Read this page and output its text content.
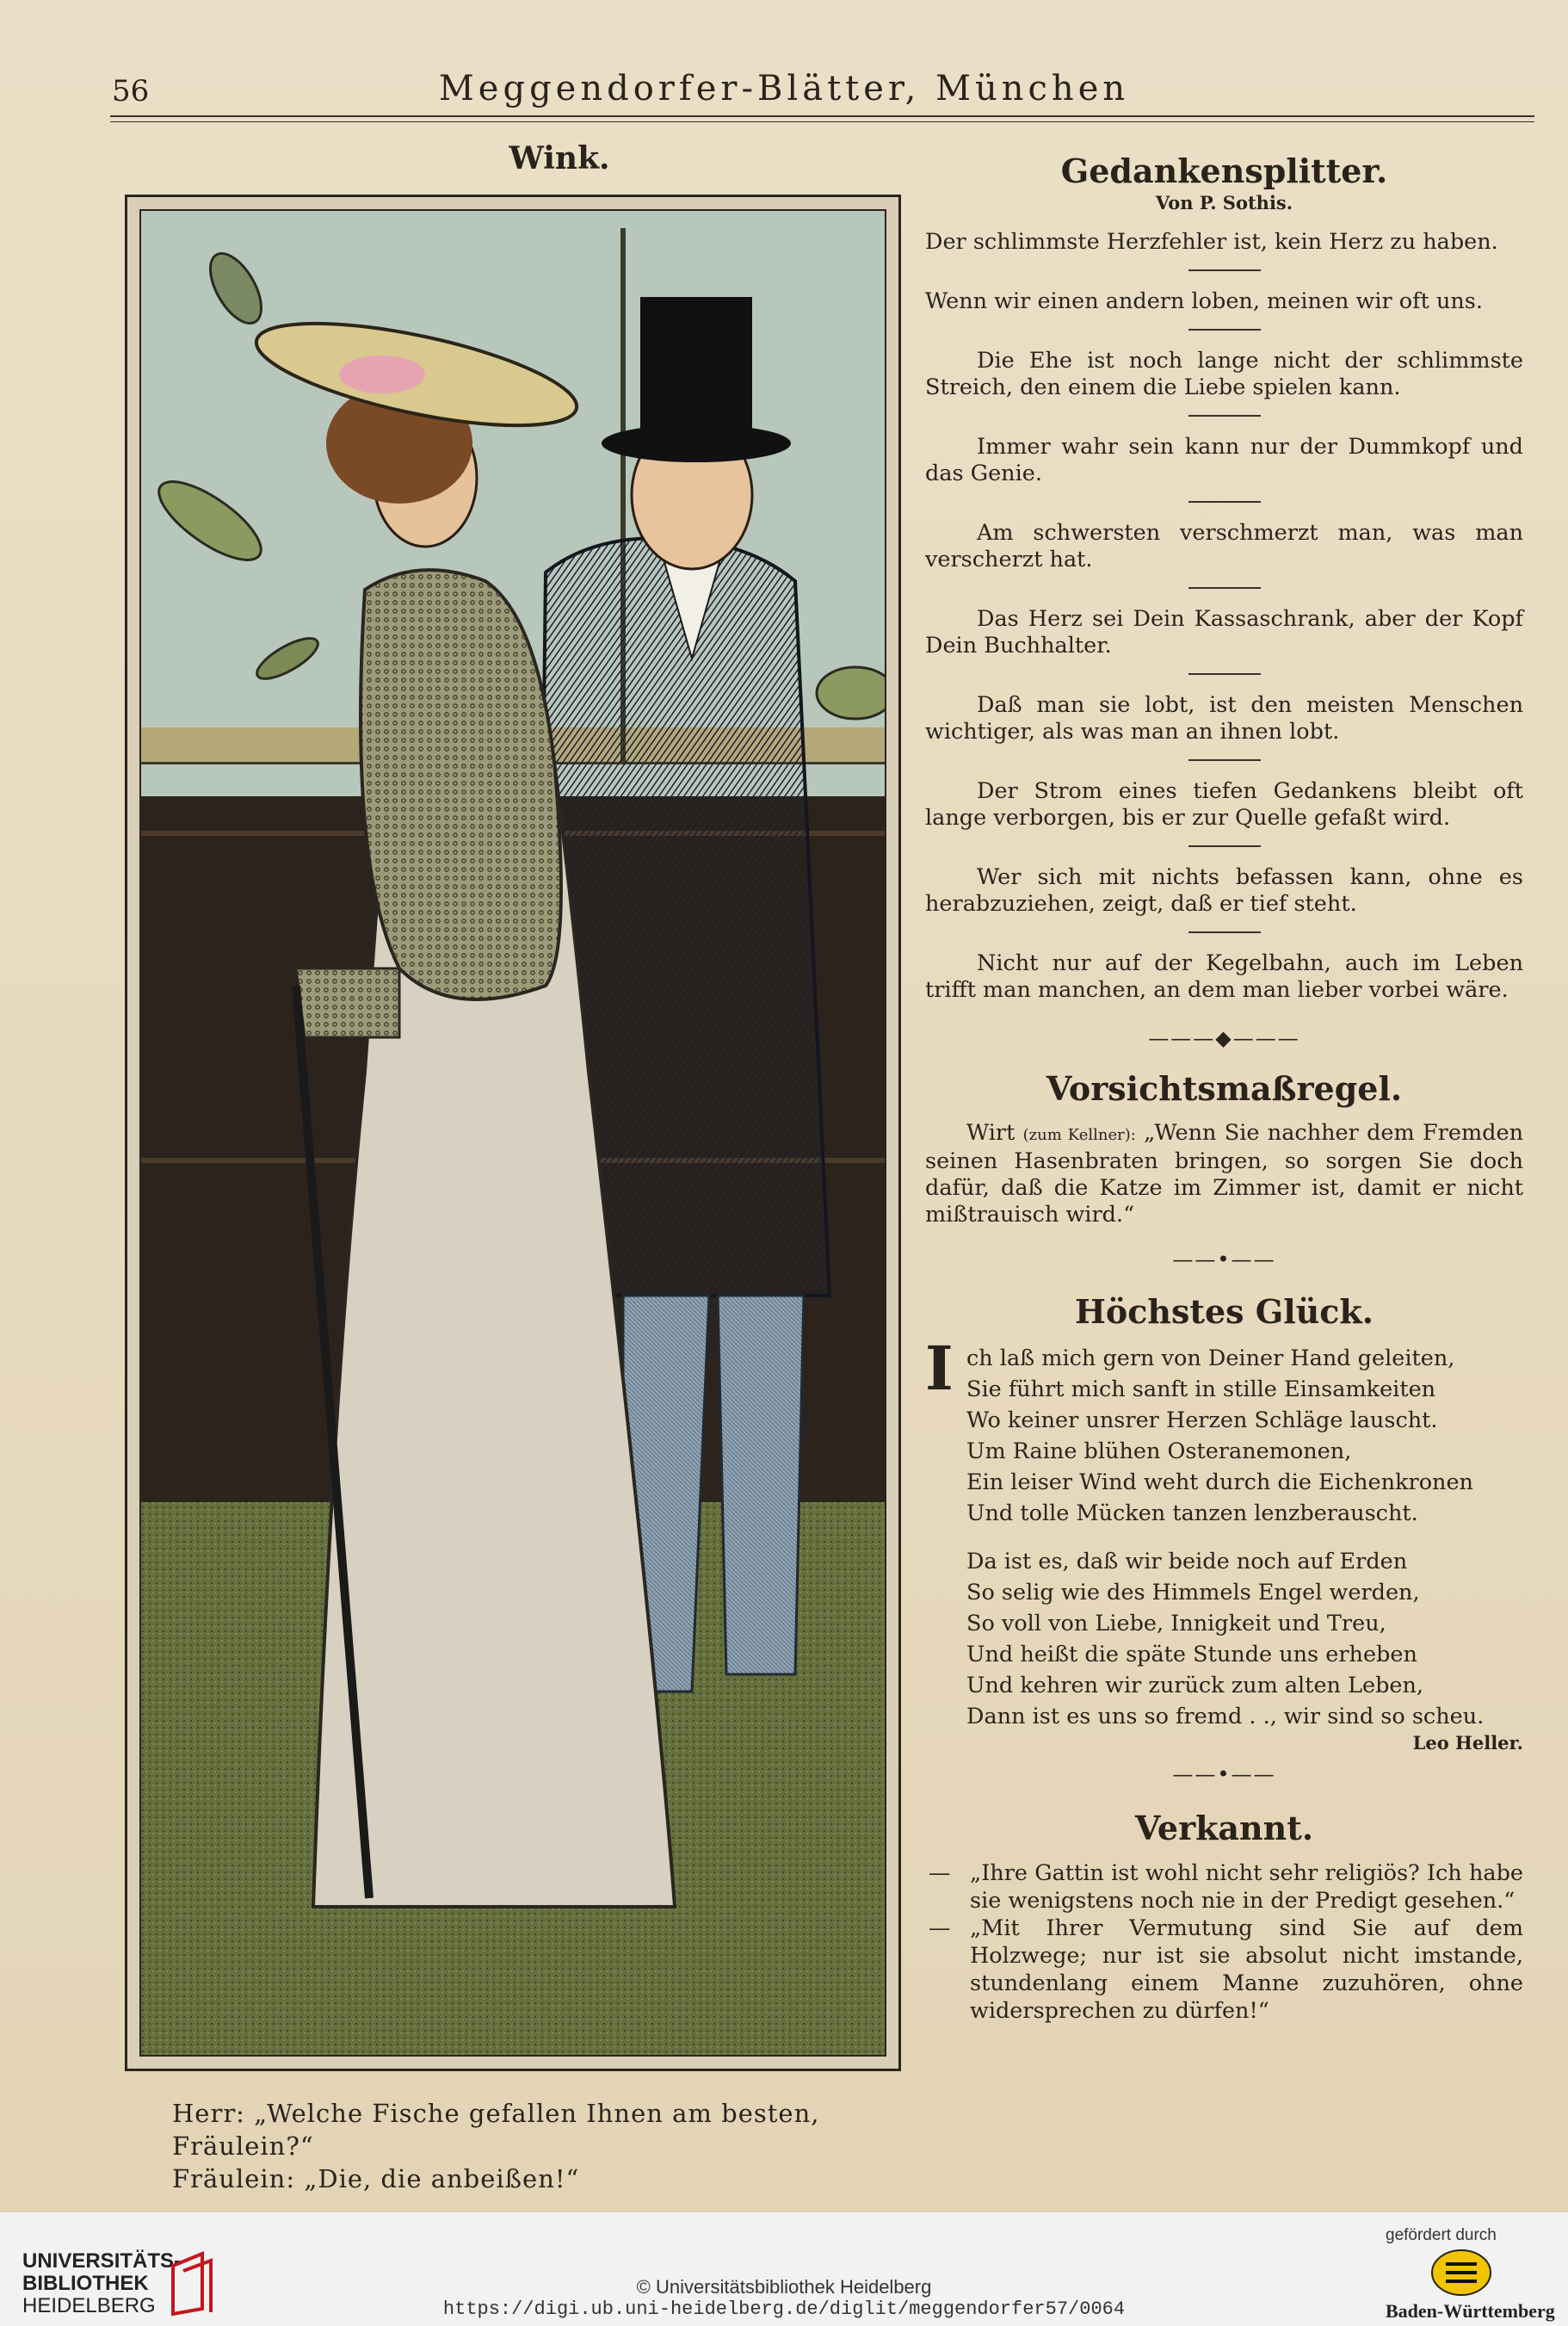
56	Meggendorfer-Blätter, München
Wink.
Herr: „Welche Fische gefallen Ihnen am besten, Fräulein?“
Fräulein: „Die, die anbeißen!“
Gedankensplitter.
Von P. Sothis.
Der schlimmste Herzfehler ist, kein Herz zu haben.
Wenn wir einen andern loben, meinen wir oft uns.
Die Ehe ist noch lange nicht der schlimmste Streich, den einem die Liebe spielen kann.
Immer wahr sein kann nur der Dummkopf und das Genie.
Am schwersten verschmerzt man, was man verscherzt hat.
Das Herz sei Dein Kassaschrank, aber der Kopf Dein Buchhalter.
Daß man sie lobt, ist den meisten Menschen wichtiger, als was man an ihnen lobt.
Der Strom eines tiefen Gedankens bleibt oft lange verborgen, bis er zur Quelle gefaßt wird.
Wer sich mit nichts befassen kann, ohne es herabzuziehen, zeigt, daß er tief steht.
Nicht nur auf der Kegelbahn, auch im Leben trifft man manchen, an dem man lieber vorbei wäre.
———◆———
Vorsichtsmaßregel.
Wirt (zum Kellner): „Wenn Sie nachher dem Fremden seinen Hasenbraten bringen, so sorgen Sie doch dafür, daß die Katze im Zimmer ist, damit er nicht mißtrauisch wird.“
——•——
Höchstes Glück.
Ich laß mich gern von Deiner Hand geleiten,
Sie führt mich sanft in stille Einsamkeiten
Wo keiner unsrer Herzen Schläge lauscht.
Um Raine blühen Osteranemonen,
Ein leiser Wind weht durch die Eichenkronen
Und tolle Mücken tanzen lenzberauscht.
Da ist es, daß wir beide noch auf Erden
So selig wie des Himmels Engel werden,
So voll von Liebe, Innigkeit und Treu,
Und heißt die späte Stunde uns erheben
Und kehren wir zurück zum alten Leben,
Dann ist es uns so fremd . ., wir sind so scheu.
Leo Heller.
——•——
Verkannt.
— „Ihre Gattin ist wohl nicht sehr religiös? Ich habe sie wenigstens noch nie in der Predigt gesehen.“
— „Mit Ihrer Vermutung sind Sie auf dem Holzwege; nur ist sie absolut nicht imstande, stundenlang einem Manne zuzuhören, ohne widersprechen zu dürfen!“
UNIVERSITÄTS-
BIBLIOTHEK
HEIDELBERG
© Universitätsbibliothek Heidelberg
https://digi.ub.uni-heidelberg.de/diglit/meggendorfer57/0064
gefördert durch
Baden-Württemberg
